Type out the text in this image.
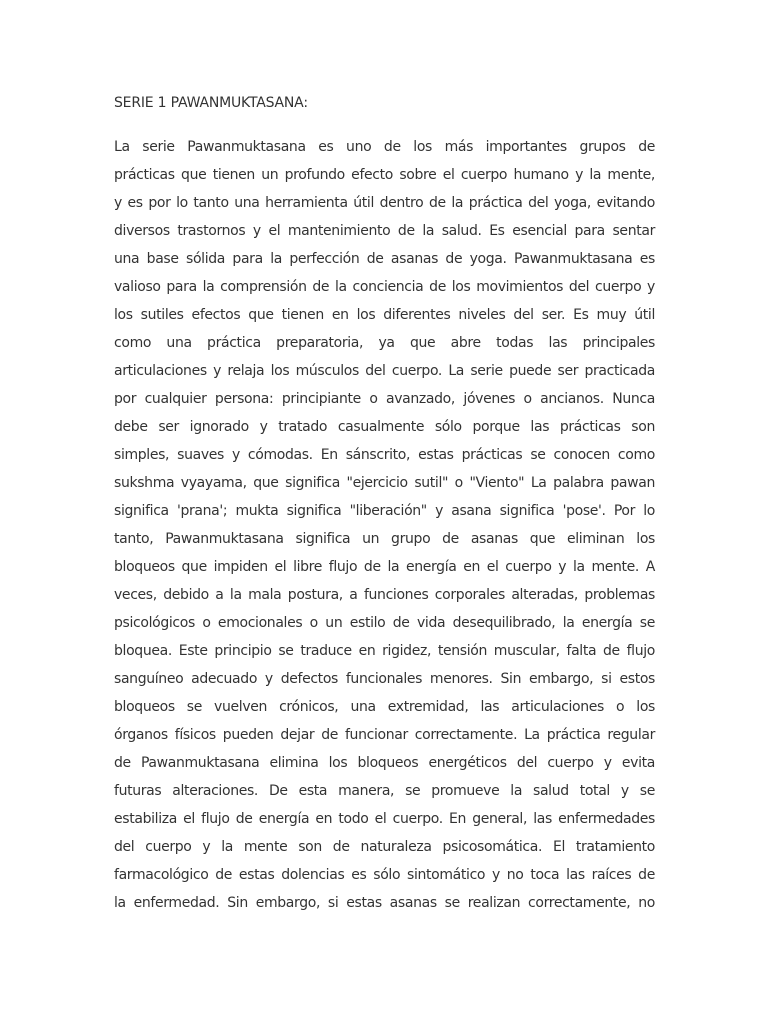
SERIE 1 PAWANMUKTASANA:
La serie Pawanmuktasana es uno de los más importantes grupos de
prácticas que tienen un profundo efecto sobre el cuerpo humano y la mente,
y es por lo tanto una herramienta útil dentro de la práctica del yoga, evitando
diversos trastornos y el mantenimiento de la salud. Es esencial para sentar
una base sólida para la perfección de asanas de yoga. Pawanmuktasana es
valioso para la comprensión de la conciencia de los movimientos del cuerpo y
los sutiles efectos que tienen en los diferentes niveles del ser. Es muy útil
como una práctica preparatoria, ya que abre todas las principales
articulaciones y relaja los músculos del cuerpo. La serie puede ser practicada
por cualquier persona: principiante o avanzado, jóvenes o ancianos. Nunca
debe ser ignorado y tratado casualmente sólo porque las prácticas son
simples, suaves y cómodas. En sánscrito, estas prácticas se conocen como
sukshma vyayama, que significa "ejercicio sutil" o "Viento" La palabra pawan
significa 'prana'; mukta significa "liberación" y asana significa 'pose'. Por lo
tanto, Pawanmuktasana significa un grupo de asanas que eliminan los
bloqueos que impiden el libre flujo de la energía en el cuerpo y la mente. A
veces, debido a la mala postura, a funciones corporales alteradas, problemas
psicológicos o emocionales o un estilo de vida desequilibrado, la energía se
bloquea. Este principio se traduce en rigidez, tensión muscular, falta de flujo
sanguíneo adecuado y defectos funcionales menores. Sin embargo, si estos
bloqueos se vuelven crónicos, una extremidad, las articulaciones o los
órganos físicos pueden dejar de funcionar correctamente. La práctica regular
de Pawanmuktasana elimina los bloqueos energéticos del cuerpo y evita
futuras alteraciones. De esta manera, se promueve la salud total y se
estabiliza el flujo de energía en todo el cuerpo. En general, las enfermedades
del cuerpo y la mente son de naturaleza psicosomática. El tratamiento
farmacológico de estas dolencias es sólo sintomático y no toca las raíces de
la enfermedad. Sin embargo, si estas asanas se realizan correctamente, no
